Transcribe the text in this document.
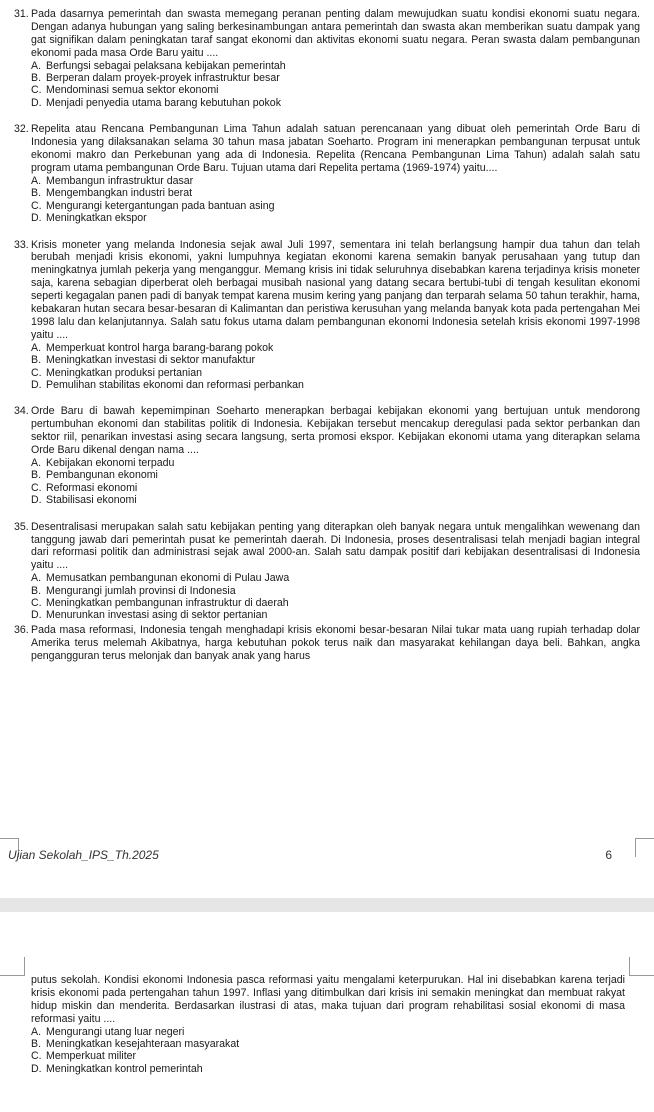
31. Pada dasarnya pemerintah dan swasta memegang peranan penting dalam mewujudkan suatu kondisi ekonomi suatu negara. Dengan adanya hubungan yang saling berkesinambungan antara pemerintah dan swasta akan memberikan suatu dampak yang gat signifikan dalam peningkatan taraf sangat ekonomi dan aktivitas ekonomi suatu negara. Peran swasta dalam pembangunan ekonomi pada masa Orde Baru yaitu ....
A. Berfungsi sebagai pelaksana kebijakan pemerintah
B. Berperan dalam proyek-proyek infrastruktur besar
C. Mendominasi semua sektor ekonomi
D. Menjadi penyedia utama barang kebutuhan pokok
32. Repelita atau Rencana Pembangunan Lima Tahun adalah satuan perencanaan yang dibuat oleh pemerintah Orde Baru di Indonesia yang dilaksanakan selama 30 tahun masa jabatan Soeharto. Program ini menerapkan pembangunan terpusat untuk ekonomi makro dan Perkebunan yang ada di Indonesia. Repelita (Rencana Pembangunan Lima Tahun) adalah salah satu program utama pembangunan Orde Baru. Tujuan utama dari Repelita pertama (1969-1974) yaitu....
A. Membangun infrastruktur dasar
B. Mengembangkan industri berat
C. Mengurangi ketergantungan pada bantuan asing
D. Meningkatkan ekspor
33. Krisis moneter yang melanda Indonesia sejak awal Juli 1997, sementara ini telah berlangsung hampir dua tahun dan telah berubah menjadi krisis ekonomi, yakni lumpuhnya kegiatan ekonomi karena semakin banyak perusahaan yang tutup dan meningkatnya jumlah pekerja yang menganggur. Memang krisis ini tidak seluruhnya disebabkan karena terjadinya krisis moneter saja, karena sebagian diperberat oleh berbagai musibah nasional yang datang secara bertubi-tubi di tengah kesulitan ekonomi seperti kegagalan panen padi di banyak tempat karena musim kering yang panjang dan terparah selama 50 tahun terakhir, hama, kebakaran hutan secara besar-besaran di Kalimantan dan peristiwa kerusuhan yang melanda banyak kota pada pertengahan Mei 1998 lalu dan kelanjutannya. Salah satu fokus utama dalam pembangunan ekonomi Indonesia setelah krisis ekonomi 1997-1998 yaitu ....
A. Memperkuat kontrol harga barang-barang pokok
B. Meningkatkan investasi di sektor manufaktur
C. Meningkatkan produksi pertanian
D. Pemulihan stabilitas ekonomi dan reformasi perbankan
34. Orde Baru di bawah kepemimpinan Soeharto menerapkan berbagai kebijakan ekonomi yang bertujuan untuk mendorong pertumbuhan ekonomi dan stabilitas politik di Indonesia. Kebijakan tersebut mencakup deregulasi pada sektor perbankan dan sektor riil, penarikan investasi asing secara langsung, serta promosi ekspor. Kebijakan ekonomi utama yang diterapkan selama Orde Baru dikenal dengan nama ....
A. Kebijakan ekonomi terpadu
B. Pembangunan ekonomi
C. Reformasi ekonomi
D. Stabilisasi ekonomi
35. Desentralisasi merupakan salah satu kebijakan penting yang diterapkan oleh banyak negara untuk mengalihkan wewenang dan tanggung jawab dari pemerintah pusat ke pemerintah daerah. Di Indonesia, proses desentralisasi telah menjadi bagian integral dari reformasi politik dan administrasi sejak awal 2000-an. Salah satu dampak positif dari kebijakan desentralisasi di Indonesia yaitu ....
A. Memusatkan pembangunan ekonomi di Pulau Jawa
B. Mengurangi jumlah provinsi di Indonesia
C. Meningkatkan pembangunan infrastruktur di daerah
D. Menurunkan investasi asing di sektor pertanian
36. Pada masa reformasi, Indonesia tengah menghadapi krisis ekonomi besar-besaran Nilai tukar mata uang rupiah terhadap dolar Amerika terus melemah Akibatnya, harga kebutuhan pokok terus naik dan masyarakat kehilangan daya beli. Bahkan, angka pengangguran terus melonjak dan banyak anak yang harus
Ujian Sekolah_IPS_Th.2025	6
putus sekolah. Kondisi ekonomi Indonesia pasca reformasi yaitu mengalami keterpurukan. Hal ini disebabkan karena terjadi krisis ekonomi pada pertengahan tahun 1997. Inflasi yang ditimbulkan dari krisis ini semakin meningkat dan membuat rakyat hidup miskin dan menderita. Berdasarkan ilustrasi di atas, maka tujuan dari program rehabilitasi sosial ekonomi di masa reformasi yaitu ....
A. Mengurangi utang luar negeri
B. Meningkatkan kesejahteraan masyarakat
C. Memperkuat militer
D. Meningkatkan kontrol pemerintah
